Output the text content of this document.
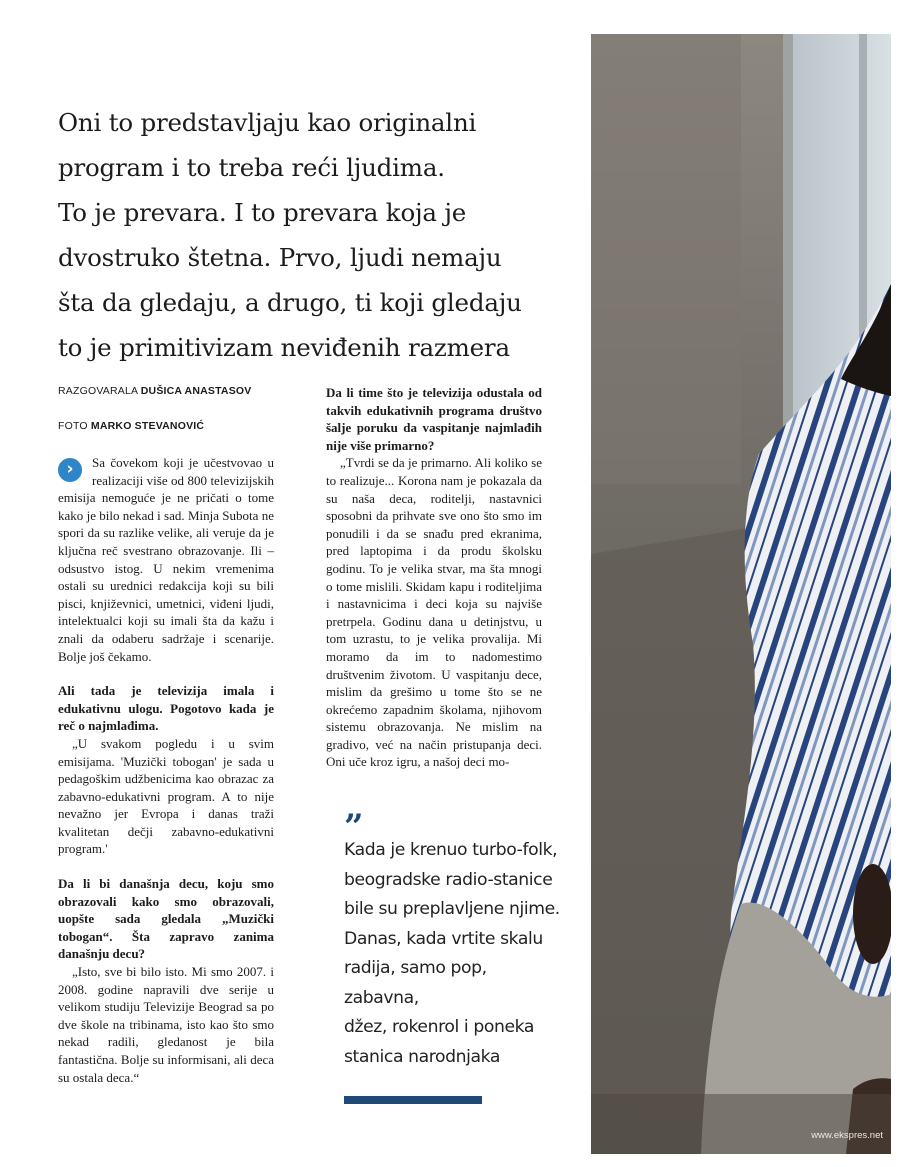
Oni to predstavljaju kao originalni
program i to treba reći ljudima.
To je prevara. I to prevara koja je
dvostruko štetna. Prvo, ljudi nemaju
šta da gledaju, a drugo, ti koji gledaju
to je primitivizam neviđenih razmera

RAZGOVARALA DUŠICA ANASTASOV

FOTO MARKO STEVANOVIĆ

›	Sa čovekom koji je učestvovao u realizaciji više od 800 televizijskih emisija nemoguće je ne pričati o tome kako je bilo nekad i sad. Minja Subota ne spori da su razlike velike, ali veruje da je ključna reč svestrano obrazovanje. Ili – odsustvo istog. U nekim vremenima ostali su urednici redakcija koji su bili pisci, književnici, umetnici, viđeni ljudi, intelektualci koji su imali šta da kažu i znali da odaberu sadržaje i scenarije. Bolje još čekamo.

Ali tada je televizija imala i edukativnu ulogu. Pogotovo kada je reč o najmlađima.

„U svakom pogledu i u svim emisijama. 'Muzički tobogan' je sada u pedagoškim udžbenicima kao obrazac za zabavno-edukativni program. A to nije nevažno jer Evropa i danas traži kvalitetan dečji zabavno-edukativni program.'

Da li bi današnja decu, koju smo obrazovali kako smo obrazovali, uopšte sada gledala „Muzički tobogan“. Šta zapravo zanima današnju decu?

„Isto, sve bi bilo isto. Mi smo 2007. i 2008. godine napravili dve serije u velikom studiju Televizije Beograd sa po dve škole na tribinama, isto kao što smo nekad radili, gledanost je bila fantastična. Bolje su informisani, ali deca su ostala deca.“

Da li time što je televizija odustala od takvih edukativnih programa društvo šalje poruku da vaspitanje najmlađih nije više primarno?

„Tvrdi se da je primarno. Ali koliko se to realizuje... Korona nam je pokazala da su naša deca, roditelji, nastavnici sposobni da prihvate sve ono što smo im ponudili i da se snađu pred ekranima, pred laptopima i da produ školsku godinu. To je velika stvar, ma šta mnogi o tome mislili. Skidam kapu i roditeljima i nastavnicima i deci koja su najviše pretrpela. Godinu dana u detinjstvu, u tom uzrastu, to je velika provalija. Mi moramo da im to nadomestimo društvenim životom. U vaspitanju dece, mislim da grešimo u tome što se ne okrećemo zapadnim školama, njihovom sistemu obrazovanja. Ne mislim na gradivo, već na način pristupanja deci. Oni uče kroz igru, a našoj deci mo-

”

Kada je krenuo turbo-folk,
beogradske radio-stanice
bile su preplavljene njime.
Danas, kada vrtite skalu
radija, samo pop, zabavna,
džez, rokenrol i poneka
stanica narodnjaka

www.ekspres.net
